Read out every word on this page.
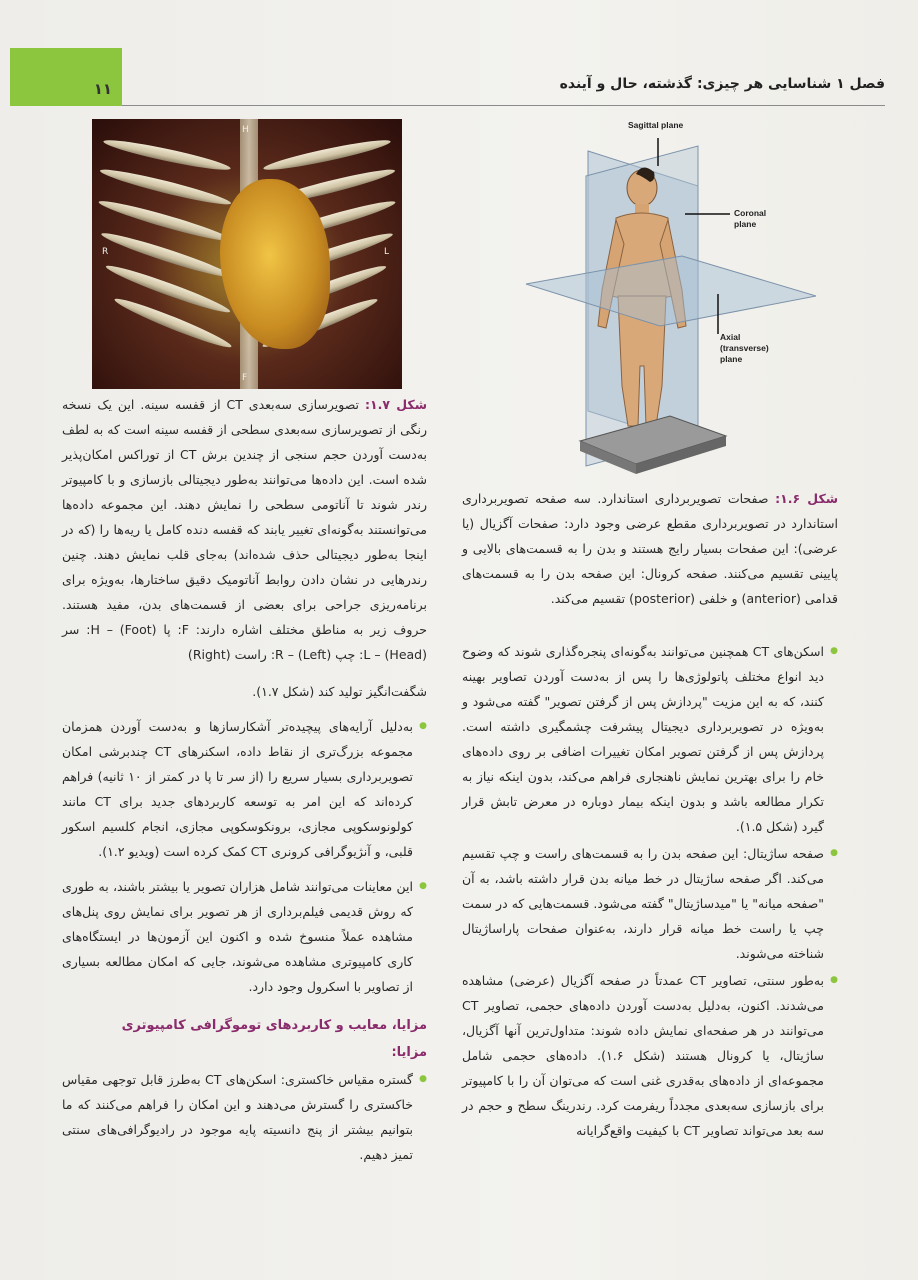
۱۱	فصل ۱ شناسایی هر چیزی: گذشته، حال و آینده
H
R	L
F
Sagittal plane
Coronal
plane
Axial
(transverse)
plane

شکل ۱.۷: تصویرسازی سه‌بعدی CT از قفسه سینه. این یک نسخه رنگی از تصویرسازی سه‌بعدی سطحی از قفسه سینه است که به لطف به‌دست آوردن حجم سنجی از چندین برش CT از توراکس امکان‌پذیر شده است. این داده‌ها می‌توانند به‌طور دیجیتالی بازسازی و با کامپیوتر رندر شوند تا آناتومی سطحی را نمایش دهند. این مجموعه داده‌ها می‌توانستند به‌گونه‌ای تغییر یابند که قفسه دنده کامل یا ریه‌ها را (که در اینجا به‌طور دیجیتالی حذف شده‌اند) به‌جای قلب نمایش دهند. چنین رندرهایی در نشان دادن روابط آناتومیک دقیق ساختارها، به‌ویژه برای برنامه‌ریزی جراحی برای بعضی از قسمت‌های بدن، مفید هستند. حروف زیر به مناطق مختلف اشاره دارند: F: پا (Foot) – H: سر (Head) – L: چپ (Left) – R: راست (Right)

شگفت‌انگیز تولید کند (شکل ۱.۷).

● به‌دلیل آرایه‌های پیچیده‌تر آشکارسازها و به‌دست آوردن همزمان مجموعه بزرگ‌تری از نقاط داده، اسکنرهای CT چندبرشی امکان تصویربرداری بسیار سریع را (از سر تا پا در کمتر از ۱۰ ثانیه) فراهم کرده‌اند که این امر به توسعه کاربردهای جدید برای CT مانند کولونوسکوپی مجازی، برونکوسکوپی مجازی، انجام کلسیم اسکور قلبی، و آنژیوگرافی کرونری CT کمک کرده است (ویدیو ۱.۲).

● این معاینات می‌توانند شامل هزاران تصویر یا بیشتر باشند، به طوری که روش قدیمی فیلم‌برداری از هر تصویر برای نمایش روی پنل‌های مشاهده عملاً منسوخ شده و اکنون این آزمون‌ها در ایستگاه‌های کاری کامپیوتری مشاهده می‌شوند، جایی که امکان مطالعه بسیاری از تصاویر با اسکرول وجود دارد.

مزایا، معایب و کاربردهای توموگرافی کامپیوتری

مزایا:

● گستره مقیاس خاکستری: اسکن‌های CT به‌طرز قابل توجهی مقیاس خاکستری را گسترش می‌دهند و این امکان را فراهم می‌کنند که ما بتوانیم بیشتر از پنج دانسیته پایه موجود در رادیوگرافی‌های سنتی تمیز دهیم.

شکل ۱.۶: صفحات تصویربرداری استاندارد. سه صفحه تصویربرداری استاندارد در تصویربرداری مقطع عرضی وجود دارد: صفحات آگزیال (یا عرضی): این صفحات بسیار رایج هستند و بدن را به قسمت‌های بالایی و پایینی تقسیم می‌کنند. صفحه کرونال: این صفحه بدن را به قسمت‌های قدامی (anterior) و خلفی (posterior) تقسیم می‌کند.

● اسکن‌های CT همچنین می‌توانند به‌گونه‌ای پنجره‌گذاری شوند که وضوح دید انواع مختلف پاتولوژی‌ها را پس از به‌دست آوردن تصاویر بهینه کنند، که به این مزیت "پردازش پس از گرفتن تصویر" گفته می‌شود و به‌ویژه در تصویربرداری دیجیتال پیشرفت چشمگیری داشته است. پردازش پس از گرفتن تصویر امکان تغییرات اضافی بر روی داده‌های خام را برای بهترین نمایش ناهنجاری فراهم می‌کند، بدون اینکه نیاز به تکرار مطالعه باشد و بدون اینکه بیمار دوباره در معرض تابش قرار گیرد (شکل ۱.۵).

● صفحه ساژیتال: این صفحه بدن را به قسمت‌های راست و چپ تقسیم می‌کند. اگر صفحه ساژیتال در خط میانه بدن قرار داشته باشد، به آن "صفحه میانه" یا "میدساژیتال" گفته می‌شود. قسمت‌هایی که در سمت چپ یا راست خط میانه قرار دارند، به‌عنوان صفحات پاراساژیتال شناخته می‌شوند.

● به‌طور سنتی، تصاویر CT عمدتاً در صفحه آگزیال (عرضی) مشاهده می‌شدند. اکنون، به‌دلیل به‌دست آوردن داده‌های حجمی، تصاویر CT می‌توانند در هر صفحه‌ای نمایش داده شوند: متداول‌ترین آنها آگزیال، ساژیتال، یا کرونال هستند (شکل ۱.۶). داده‌های حجمی شامل مجموعه‌ای از داده‌های به‌قدری غنی است که می‌توان آن را با کامپیوتر برای بازسازی سه‌بعدی مجدداً ریفرمت کرد. رندرینگ سطح و حجم در سه بعد می‌تواند تصاویر CT با کیفیت واقع‌گرایانه
